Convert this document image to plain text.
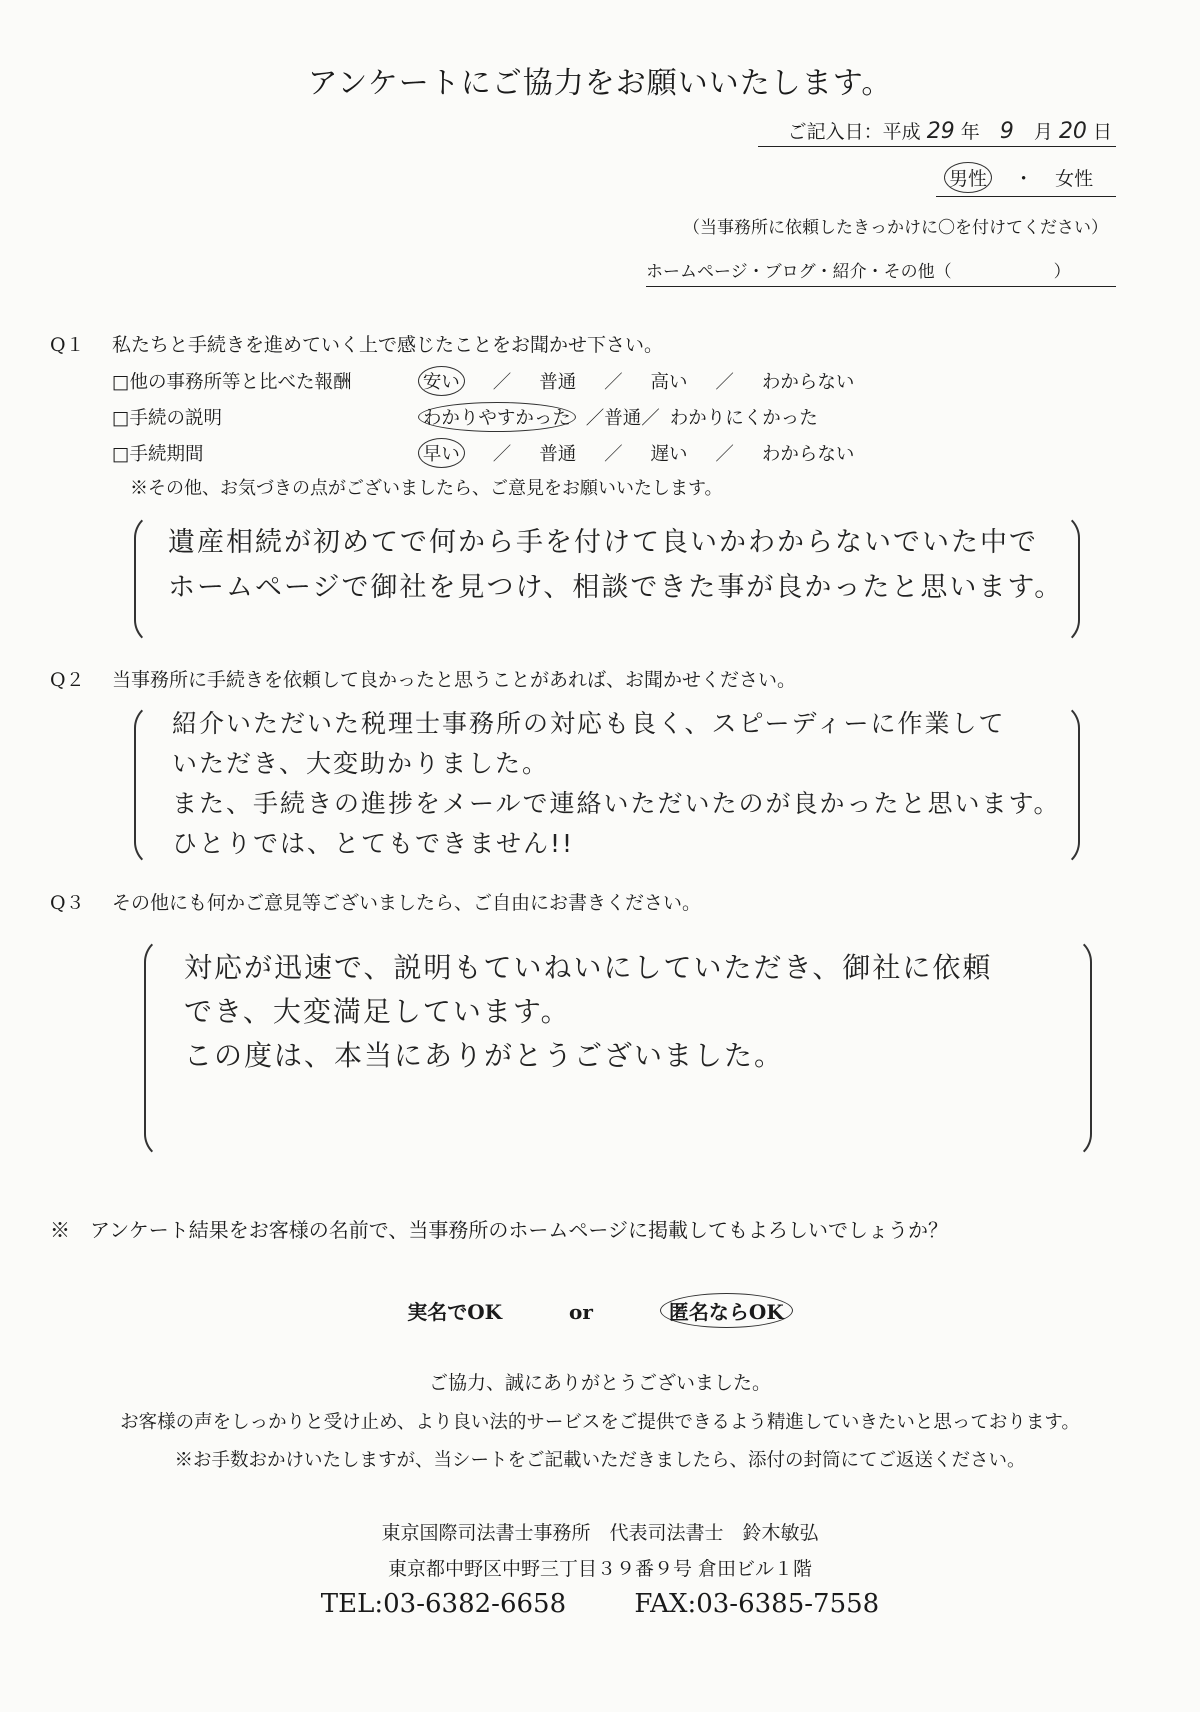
アンケートにご協力をお願いいたします。
ご記入日：平成 29 年 9 月 20 日
男性 ・ 女性
（当事務所に依頼したきっかけに〇を付けてください）
ホームページ・ブログ・紹介・その他（　　　　　　）
Q１ 私たちと手続きを進めていく上で感じたことをお聞かせ下さい。
□他の事務所等と比べた報酬	安い ／ 普通 ／ 高い ／ わからない
□手続の説明	わかりやすかった ／普通／ わかりにくかった
□手続期間	早い ／ 普通 ／ 遅い ／ わからない
※その他、お気づきの点がございましたら、ご意見をお願いいたします。
遺産相続が初めてで何から手を付けて良いかわからないでいた中で
ホームページで御社を見つけ、相談できた事が良かったと思います。
Q２ 当事務所に手続きを依頼して良かったと思うことがあれば、お聞かせください。
紹介いただいた税理士事務所の対応も良く、スピーディーに作業して
いただき、大変助かりました。
また、手続きの進捗をメールで連絡いただいたのが良かったと思います。
ひとりでは、とてもできません!!
Q３ その他にも何かご意見等ございましたら、ご自由にお書きください。
対応が迅速で、説明もていねいにしていただき、御社に依頼
でき、大変満足しています。
この度は、本当にありがとうございました。
※　アンケート結果をお客様の名前で、当事務所のホームページに掲載してもよろしいでしょうか？
実名でOK	or	匿名ならOK
ご協力、誠にありがとうございました。
お客様の声をしっかりと受け止め、より良い法的サービスをご提供できるよう精進していきたいと思っております。
※お手数おかけいたしますが、当シートをご記載いただきましたら、添付の封筒にてご返送ください。
東京国際司法書士事務所　代表司法書士　鈴木敏弘
東京都中野区中野三丁目３９番９号 倉田ビル１階
TEL:03-6382-6658	FAX:03-6385-7558
